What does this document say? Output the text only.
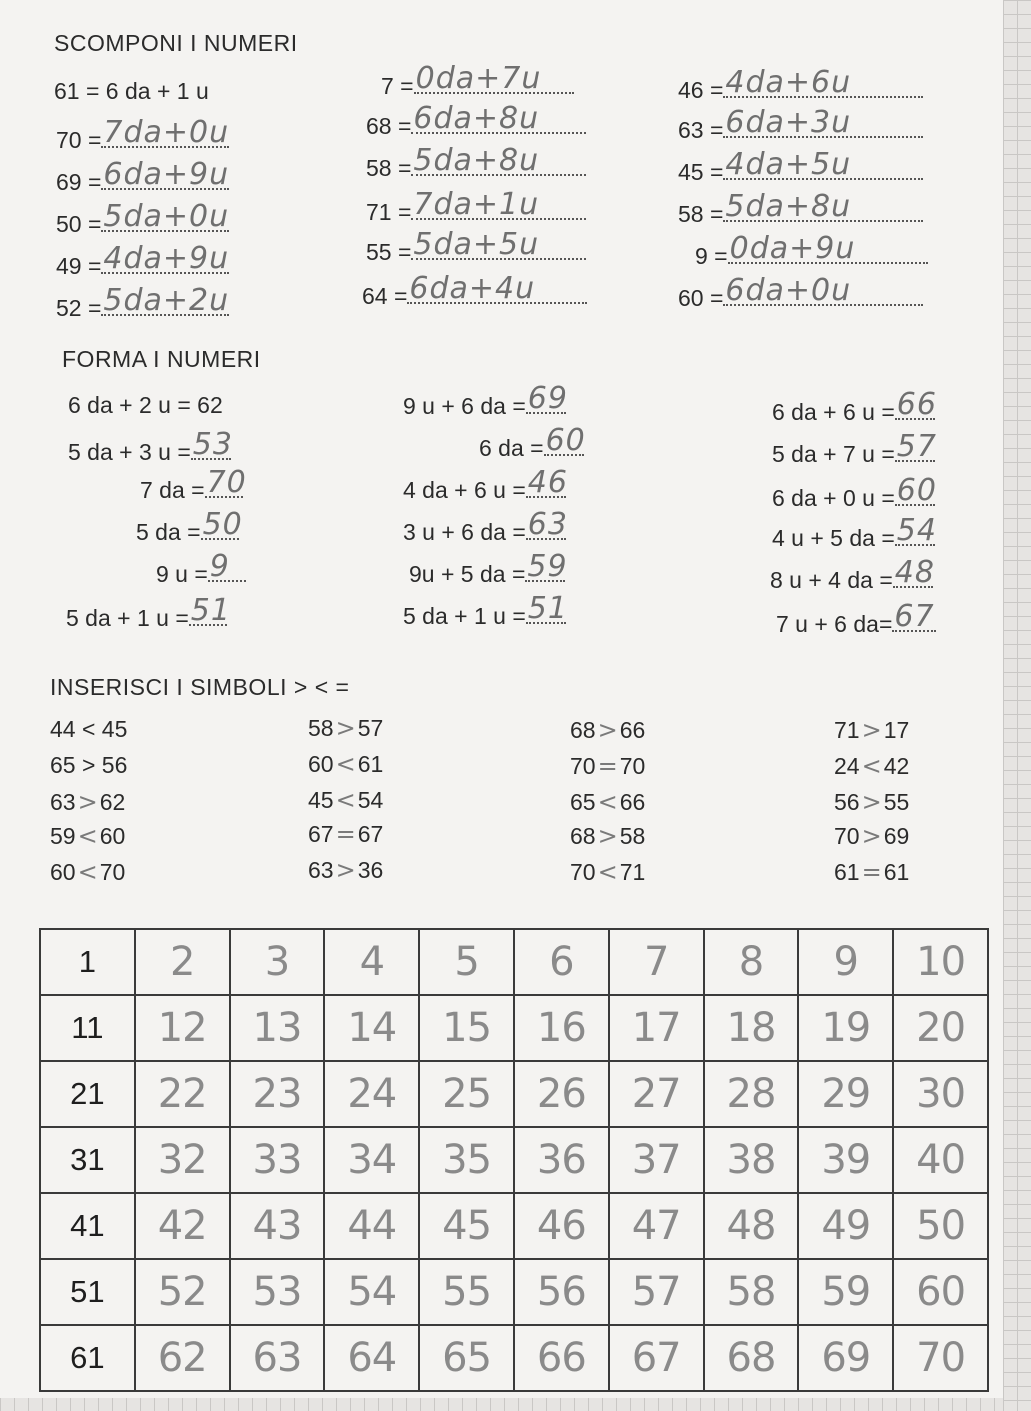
SCOMPONI I NUMERI
61 = 6 da + 1 u
70 = 7da+0u
69 = 6da+9u
50 = 5da+0u
49 = 4da+9u
52 = 5da+2u
7 = 0da+7u
68 = 6da+8u
58 = 5da+8u
71 = 7da+1u
55 = 5da+5u
64 = 6da+4u
46 = 4da+6u
63 = 6da+3u
45 = 4da+5u
58 = 5da+8u
9 = 0da+9u
60 = 6da+0u
FORMA I NUMERI
6 da + 2 u = 62
5 da + 3 u = 53
7 da = 70
5 da = 50
9 u = 9
5 da + 1 u = 51
9 u + 6 da = 69
6 da = 60
4 da + 6 u = 46
3 u + 6 da = 63
9u + 5 da = 59
5 da + 1 u = 51
6 da + 6 u = 66
5 da + 7 u = 57
6 da + 0 u = 60
4 u + 5 da = 54
8 u + 4 da = 48
7 u + 6 da= 67
INSERISCI I SIMBOLI > < =
44 < 45
65 > 56
63>62
59<60
60<70
58>57
60<61
45<54
67=67
63>36
68>66
70=70
65<66
68>58
70<71
71>17
24<42
56>55
70>69
61=61
1	2	3	4	5	6	7	8	9	10
11	12	13	14	15	16	17	18	19	20
21	22	23	24	25	26	27	28	29	30
31	32	33	34	35	36	37	38	39	40
41	42	43	44	45	46	47	48	49	50
51	52	53	54	55	56	57	58	59	60
61	62	63	64	65	66	67	68	69	70
